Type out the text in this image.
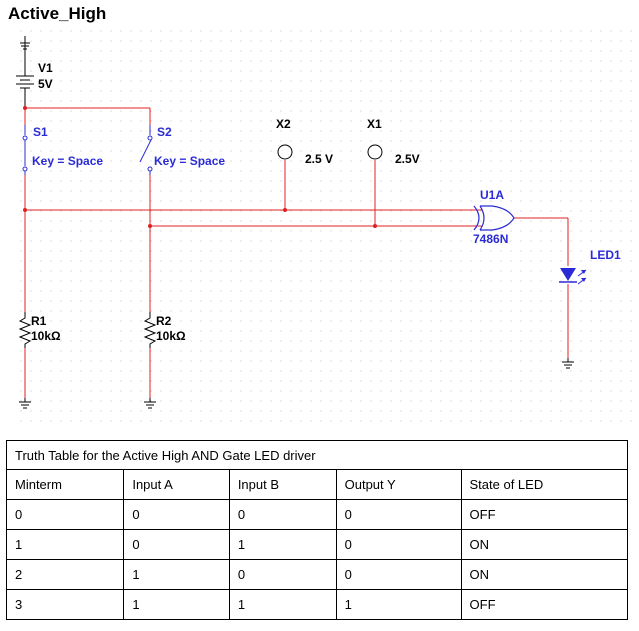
Active_High
V1
5V
S1
Key = Space
S2
Key = Space
X2
2.5 V
X1
2.5V
U1A
7486N
LED1
R1
10kΩ
R2
10kΩ
Truth Table for the Active High AND Gate LED driver				
Minterm	Input A	Input B	Output Y	State of LED
0	0	0	0	OFF
1	0	1	0	ON
2	1	0	0	ON
3	1	1	1	OFF
